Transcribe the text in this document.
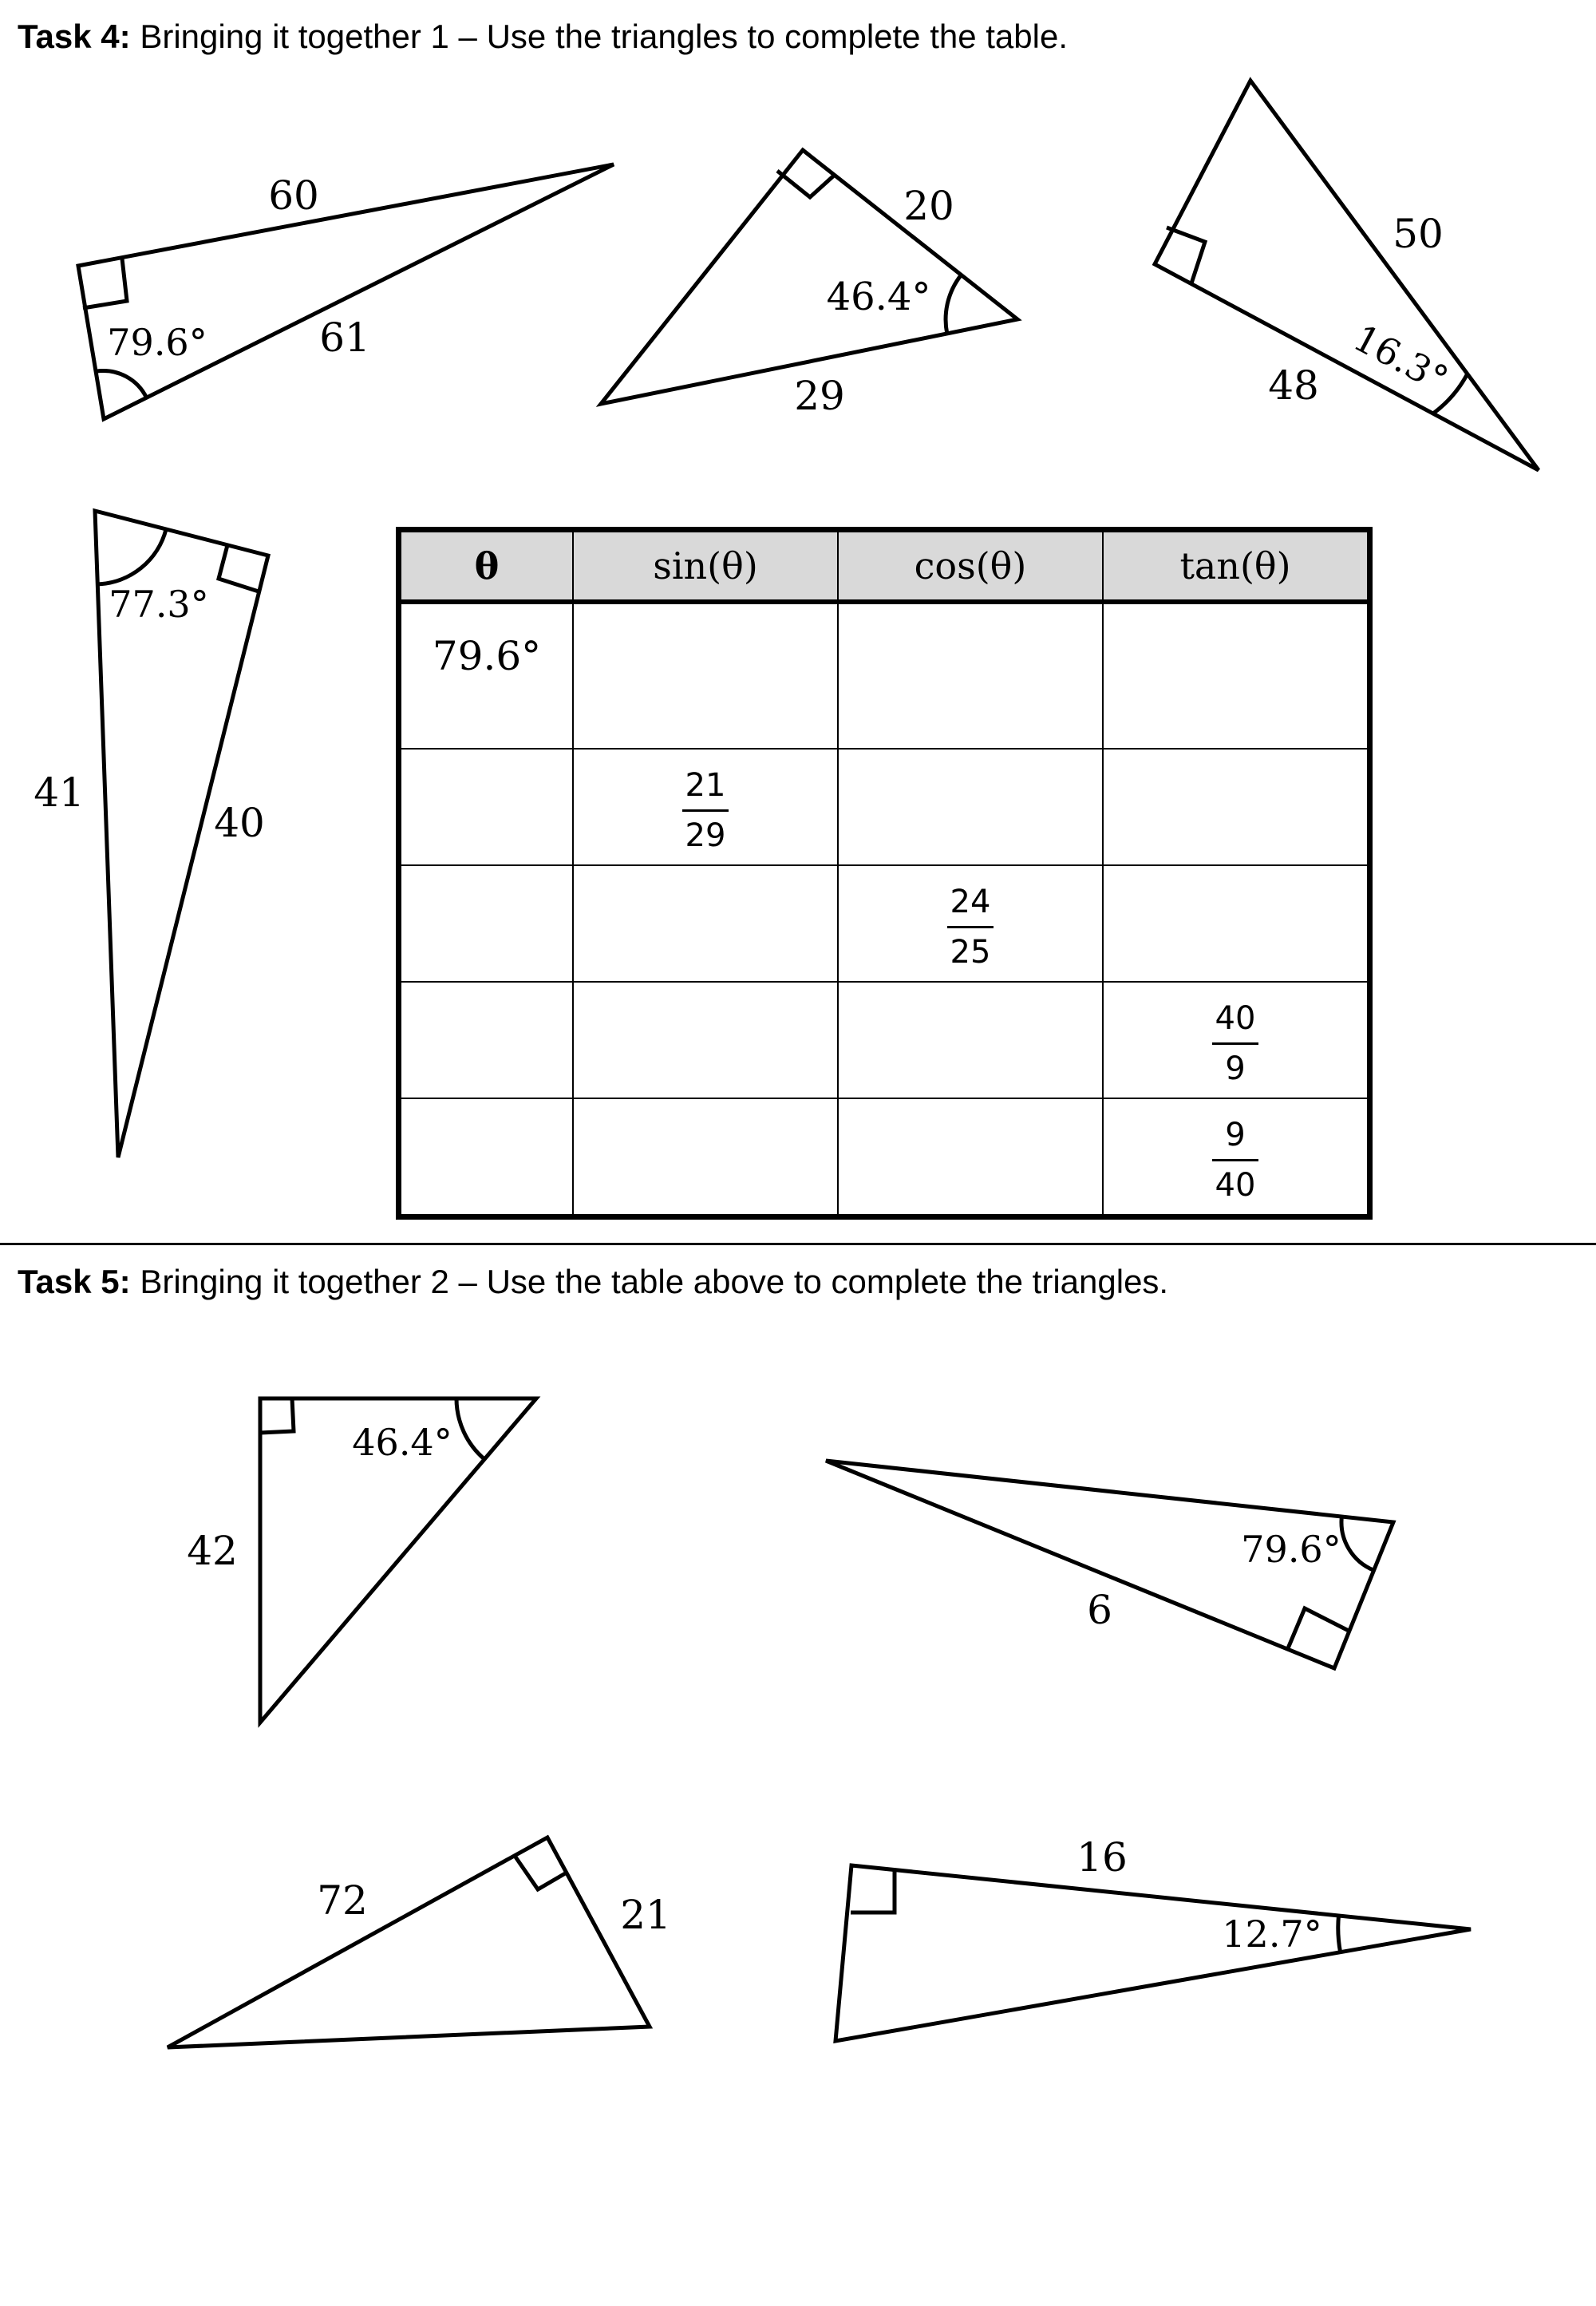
Task 4: Bringing it together 1 – Use the triangles to complete the table.
60
61
79.6°
20
29
46.4°
50
48 16.3°
41
40
77.3°
42
46.4°
6
79.6°
72	21
16
12.7°
θ	sin(θ)	cos(θ)	tan(θ)
79.6°			

	$\frac{21}{29}$

		$\frac{24}{25}$

			$\frac{40}{9}$

			$\frac{9}{40}$
Task 5: Bringing it together 2 – Use the table above to complete the triangles.
